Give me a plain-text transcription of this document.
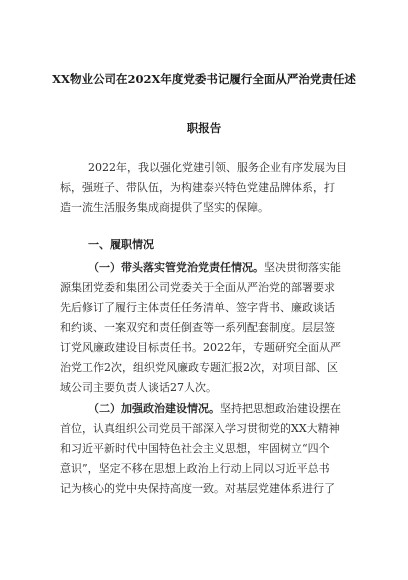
XX物业公司在202X年度党委书记履行全面从严治党责任述
职报告
2022年，我以强化党建引领、服务企业有序发展为目
标，强班子、带队伍，为构建泰兴特色党建品牌体系，打
造一流生活服务集成商提供了坚实的保障。
一、履职情况
（一）带头落实管党治党责任情况。坚决贯彻落实能
源集团党委和集团公司党委关于全面从严治党的部署要求
先后修订了履行主体责任任务清单、签字背书、廉政谈话
和约谈、一案双究和责任倒查等一系列配套制度。层层签
订党风廉政建设目标责任书。2022年，专题研究全面从严
治党工作2次，组织党风廉政专题汇报2次，对项目部、区
域公司主要负责人谈话27人次。
（二）加强政治建设情况。坚持把思想政治建设摆在
首位，认真组织公司党员干部深入学习贯彻党的XX大精神
和习近平新时代中国特色社会主义思想，牢固树立“四个
意识”，坚定不移在思想上政治上行动上同以习近平总书
记为核心的党中央保持高度一致。对基层党建体系进行了
